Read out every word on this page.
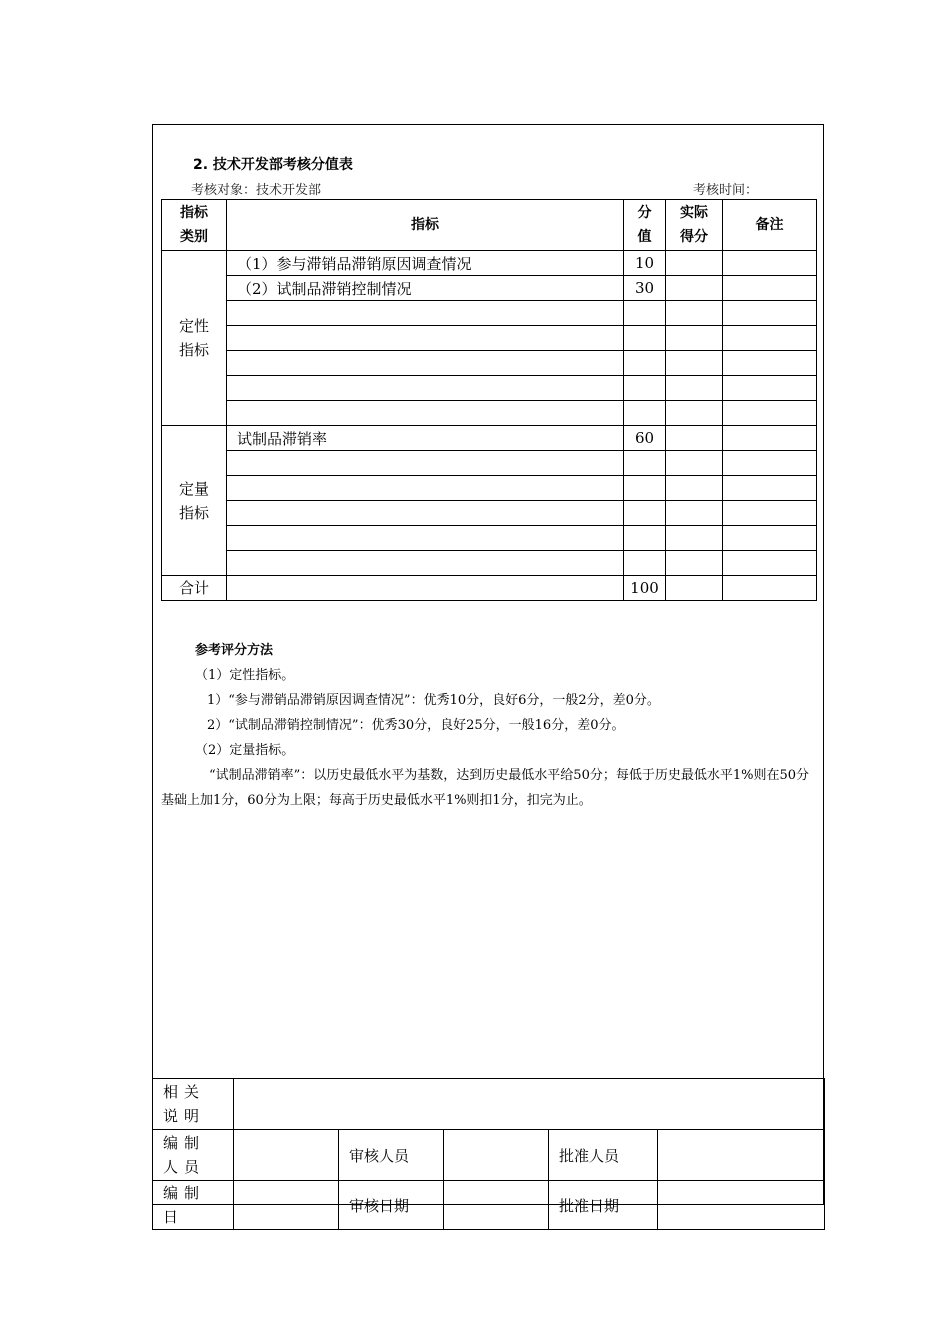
2. 技术开发部考核分值表
考核对象：技术开发部	考核时间：
指标类别	指标	分值	实际得分	备注
定性指标	（1）参与滞销品滞销原因调查情况	10		
	（2）试制品滞销控制情况	30		

定量指标	试制品滞销率	60		

合计		100		
参考评分方法
（1）定性指标。
1）“参与滞销品滞销原因调查情况”：优秀10分，良好6分，一般2分，差0分。
2）“试制品滞销控制情况”：优秀30分，良好25分，一般16分，差0分。
（2）定量指标。
“试制品滞销率”：以历史最低水平为基数，达到历史最低水平给50分；每低于历史最低水平1%则在50分基础上加1分，60分为上限；每高于历史最低水平1%则扣1分，扣完为止。
相关说明					
编制人员		审核人员		批准人员	
编制日		审核日期		批准日期	
